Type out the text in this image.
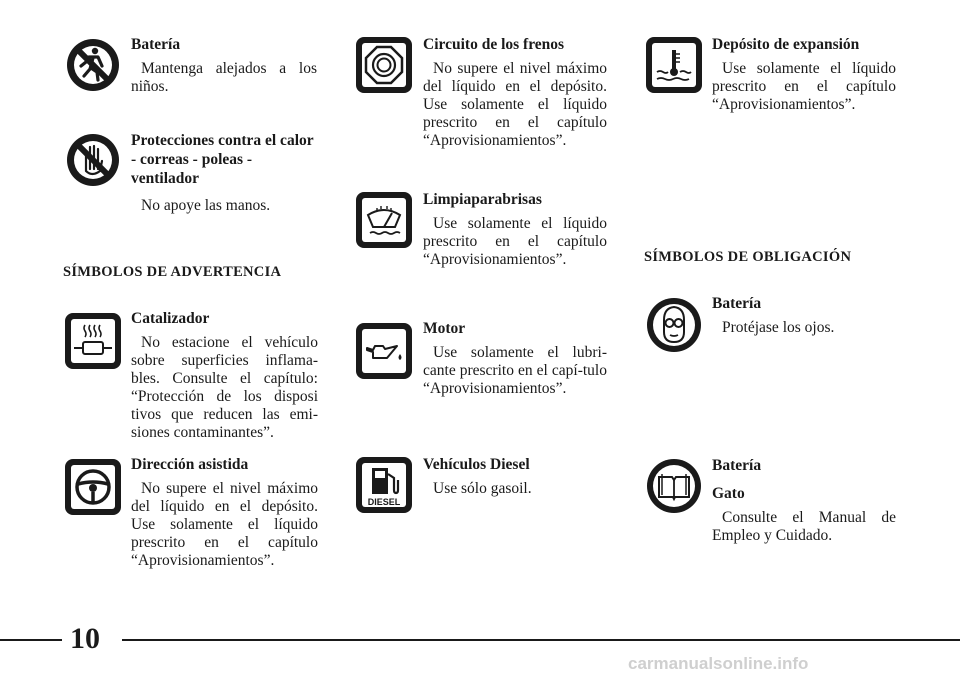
Batería

Mantenga alejados a los niños.

Protecciones contra el calor - correas - poleas - ventilador

No apoye las manos.

SÍMBOLOS DE ADVERTENCIA

Catalizador

No estacione el vehículo sobre superficies inflama-bles. Consulte el capítulo: “Protección de los disposi tivos que reducen las emi-siones contaminantes”.

Dirección asistida

No supere el nivel máximo del líquido en el depósito. Use solamente el líquido prescrito en el capítulo “Aprovisionamientos”.

Circuito de los frenos

No supere el nivel máximo del líquido en el depósito. Use solamente el líquido prescrito en el capítulo “Aprovisionamientos”.

Limpiaparabrisas

Use solamente el líquido prescrito en el capítulo “Aprovisionamientos”.

Motor

Use solamente el lubri-cante prescrito en el capí-tulo “Aprovisionamientos”.

DIESEL

Vehículos Diesel

Use sólo gasoil.

Depósito de expansión

Use solamente el líquido prescrito en el capítulo “Aprovisionamientos”.

SÍMBOLOS DE OBLIGACIÓN

Batería

Protéjase los ojos.

Batería

Gato

Consulte el Manual de Empleo y Cuidado.

10
carmanualsonline.info
